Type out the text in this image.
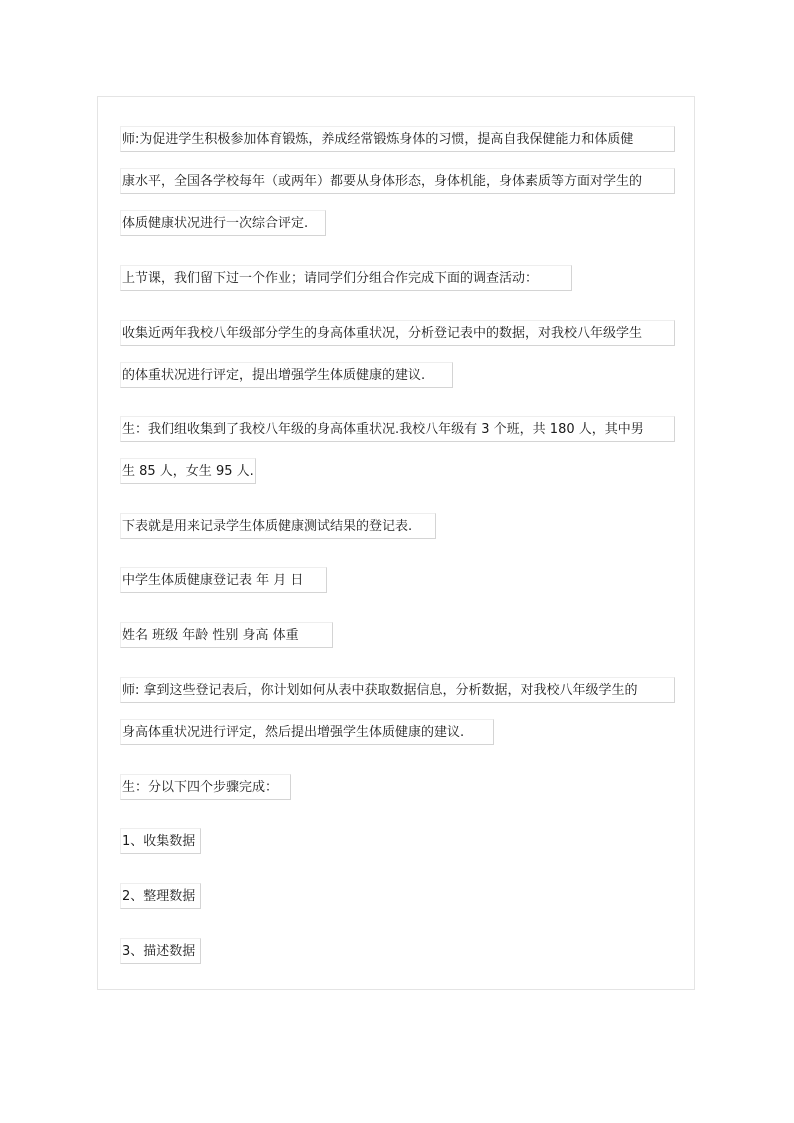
师:为促进学生积极参加体育锻炼，养成经常锻炼身体的习惯，提高自我保健能力和体质健
康水平，全国各学校每年（或两年）都要从身体形态，身体机能，身体素质等方面对学生的
体质健康状况进行一次综合评定.
上节课，我们留下过一个作业；请同学们分组合作完成下面的调查活动：
收集近两年我校八年级部分学生的身高体重状况，分析登记表中的数据，对我校八年级学生
的体重状况进行评定，提出增强学生体质健康的建议.
生：我们组收集到了我校八年级的身高体重状况.我校八年级有 3 个班，共 180 人，其中男
生 85 人，女生 95 人.
下表就是用来记录学生体质健康测试结果的登记表.
中学生体质健康登记表 年 月 日
姓名 班级 年龄 性别 身高 体重
师: 拿到这些登记表后，你计划如何从表中获取数据信息，分析数据，对我校八年级学生的
身高体重状况进行评定，然后提出增强学生体质健康的建议.
生：分以下四个步骤完成：
1、收集数据
2、整理数据
3、描述数据
